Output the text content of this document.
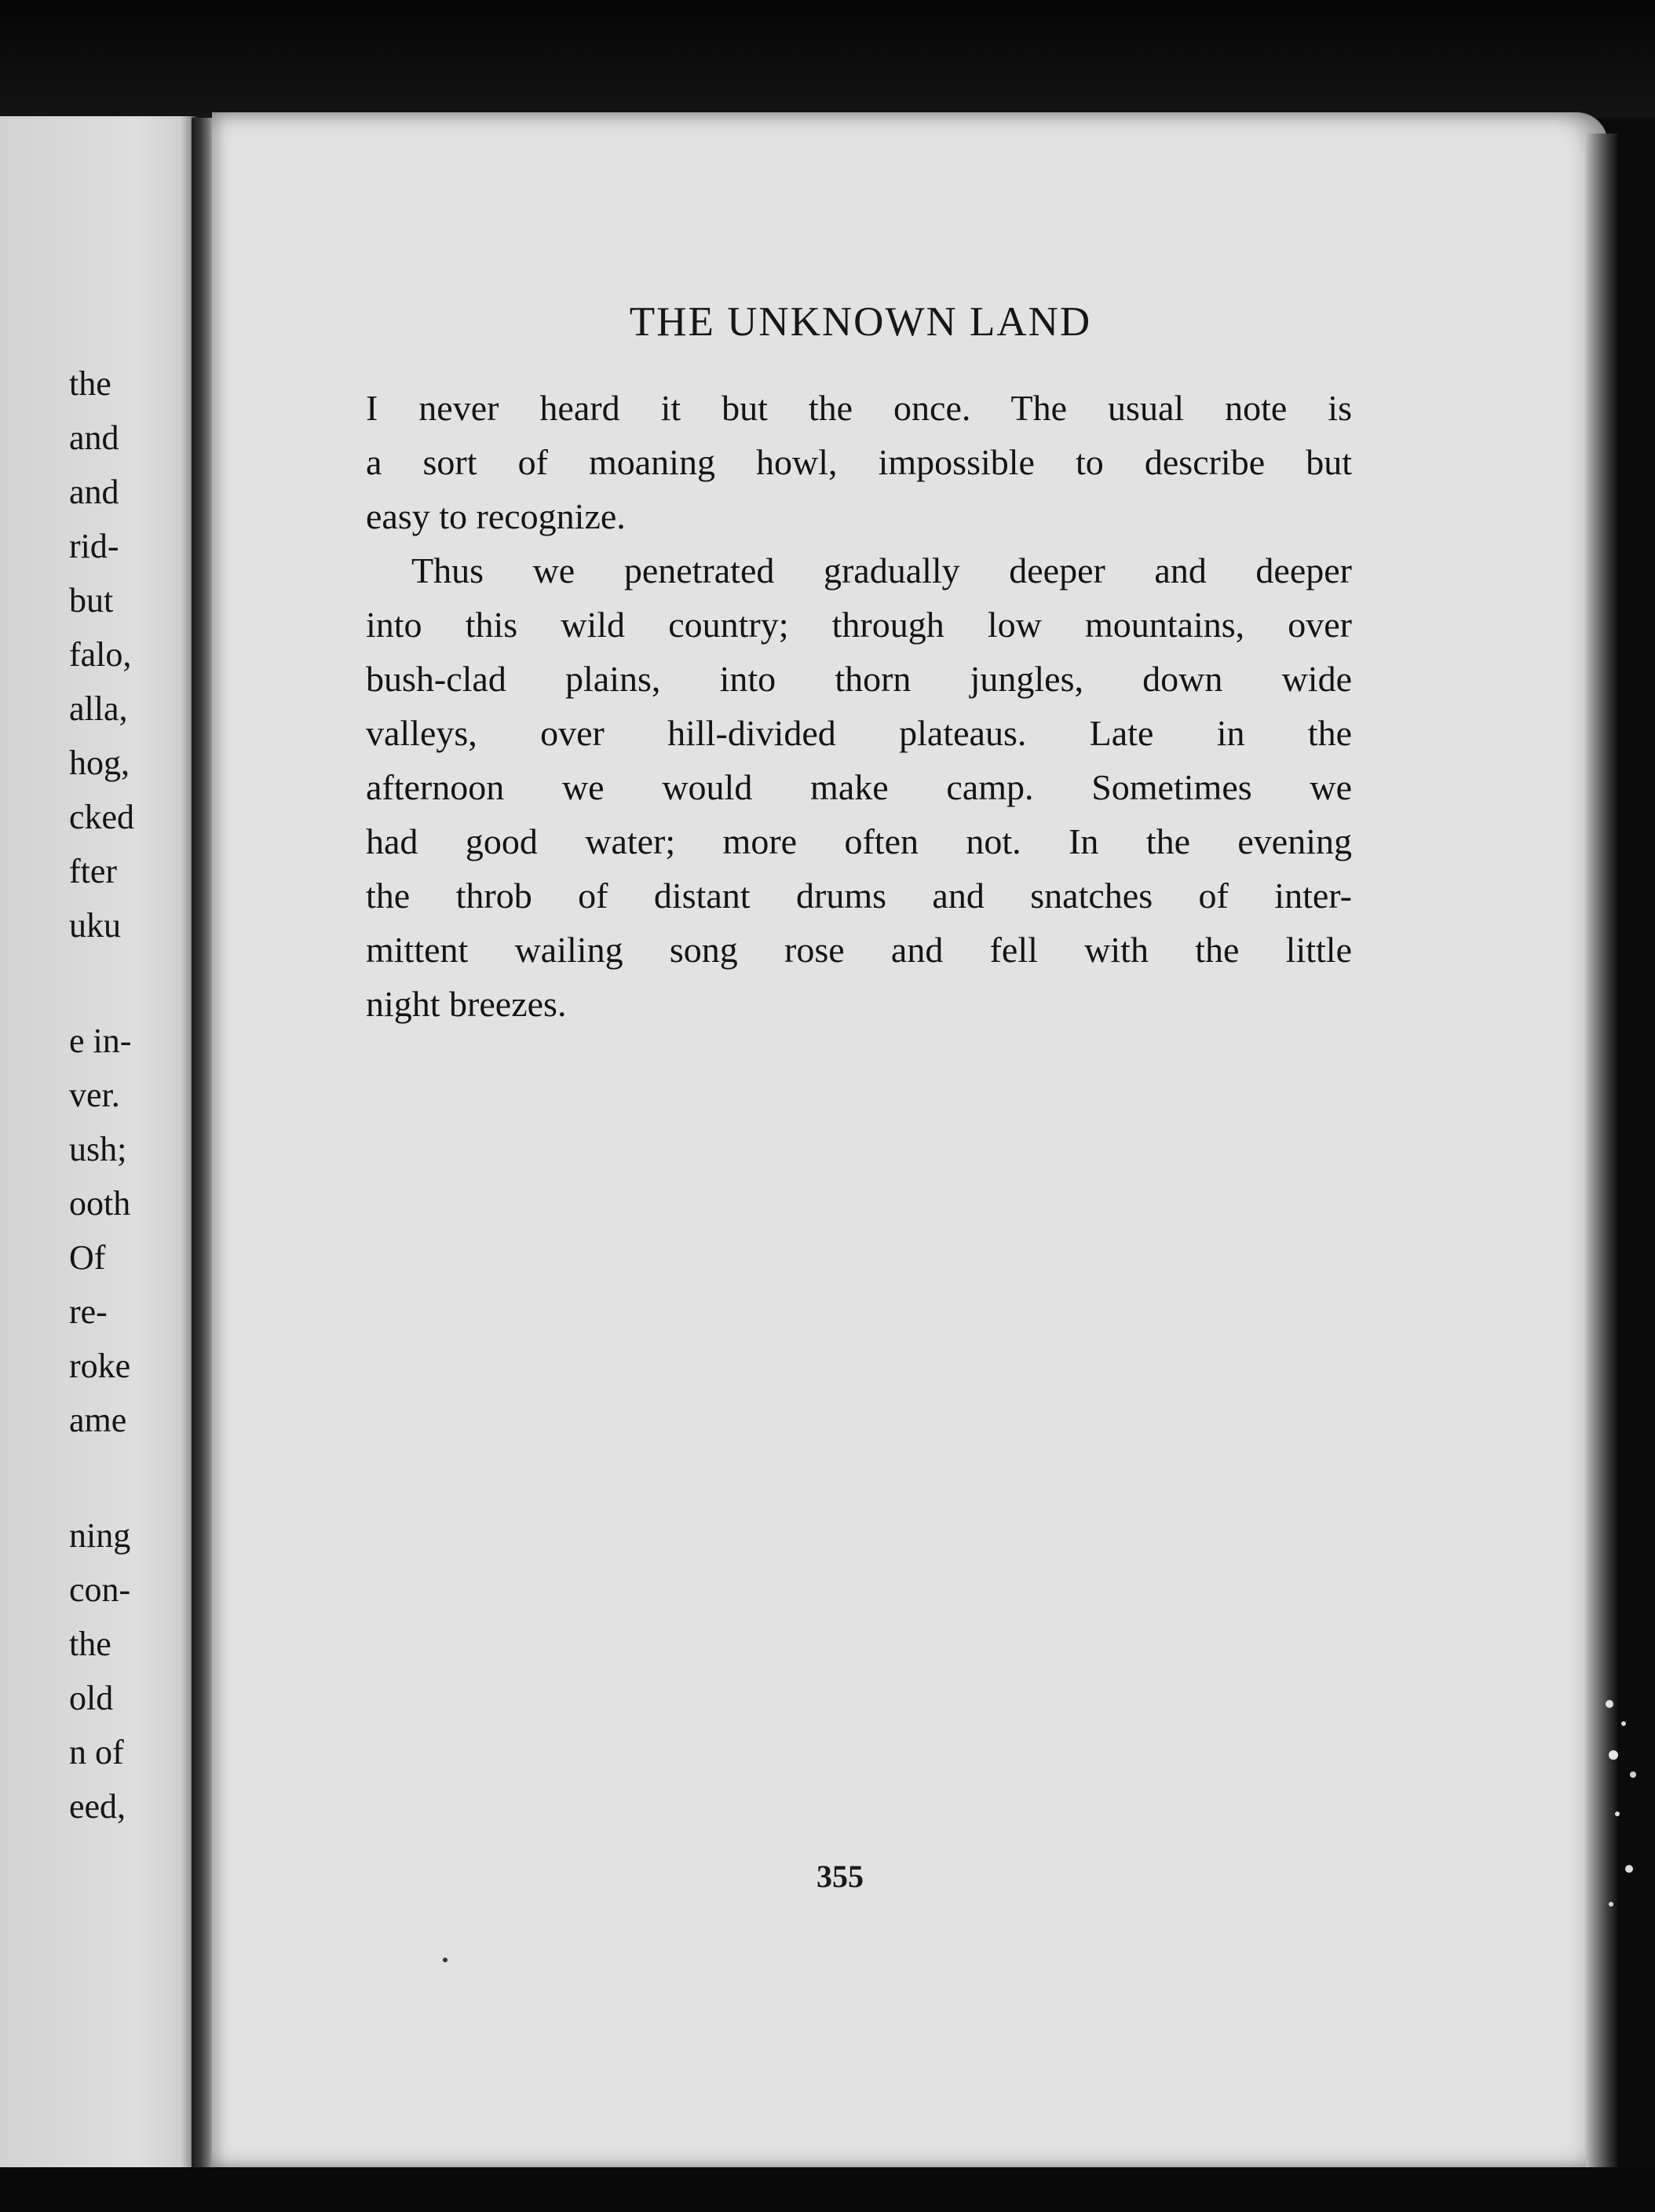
the
and
and
rid-
but
falo,
alla,
hog,
cked
fter
uku
e in-
ver.
ush;
ooth
Of
re-
roke
ame
ning
con-
the
old
n of
eed,
THE UNKNOWN LAND
I never heard it but the once. The usual note is
a sort of moaning howl, impossible to describe but
easy to recognize.
Thus we penetrated gradually deeper and deeper
into this wild country; through low mountains, over
bush-clad plains, into thorn jungles, down wide
valleys, over hill-divided plateaus. Late in the
afternoon we would make camp. Sometimes we
had good water; more often not. In the evening
the throb of distant drums and snatches of inter-
mittent wailing song rose and fell with the little
night breezes.
355
